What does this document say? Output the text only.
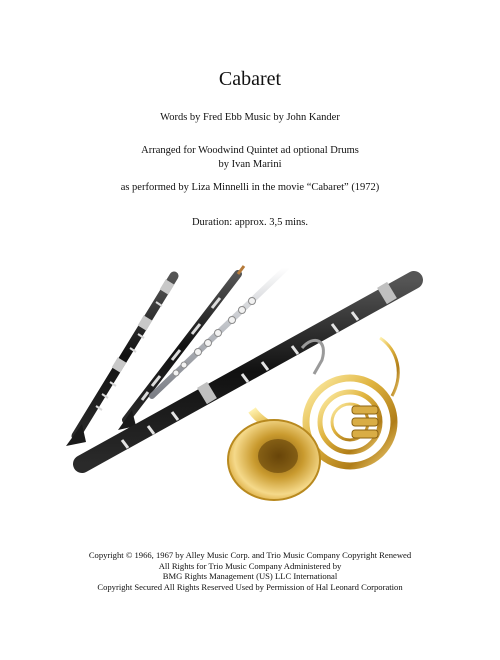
Cabaret
Words by Fred Ebb Music by John Kander
Arranged for Woodwind Quintet ad optional Drums
by Ivan Marini
as performed by Liza Minnelli in the movie “Cabaret” (1972)
Duration: approx. 3,5 mins.
Copyright © 1966, 1967 by Alley Music Corp. and Trio Music Company Copyright Renewed
All Rights for Trio Music Company Administered by
BMG Rights Management (US) LLC International
Copyright Secured All Rights Reserved Used by Permission of Hal Leonard Corporation
